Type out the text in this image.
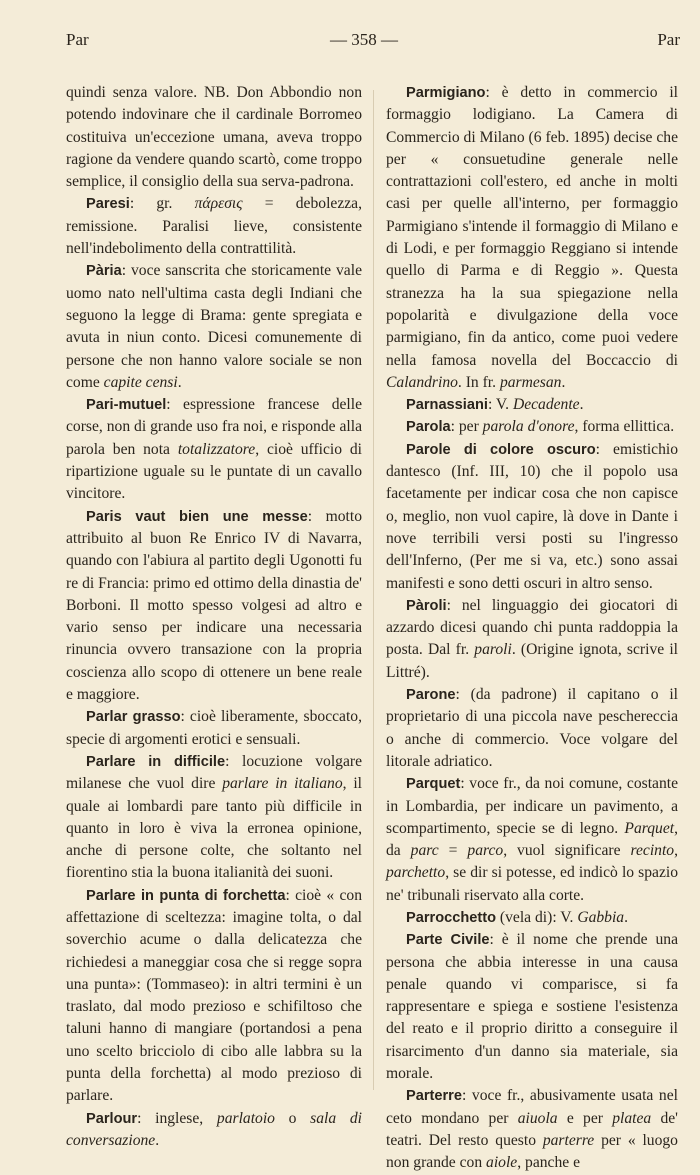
Par	— 358 —	Par

quindi senza valore. NB. Don Abbondio non potendo indovinare che il cardinale Borromeo costituiva un'eccezione umana, aveva troppo ragione da vendere quando scartò, come troppo semplice, il consiglio della sua serva-padrona.

Paresi: gr. πάρεσις = debolezza, remissione. Paralisi lieve, consistente nell'indebolimento della contrattilità.

Pària: voce sanscrita che storicamente vale uomo nato nell'ultima casta degli Indiani che seguono la legge di Brama: gente spregiata e avuta in niun conto. Dicesi comunemente di persone che non hanno valore sociale se non come capite censi.

Pari-mutuel: espressione francese delle corse, non di grande uso fra noi, e risponde alla parola ben nota totalizzatore, cioè ufficio di ripartizione uguale su le puntate di un cavallo vincitore.

Paris vaut bien une messe: motto attribuito al buon Re Enrico IV di Navarra, quando con l'abiura al partito degli Ugonotti fu re di Francia: primo ed ottimo della dinastia de' Borboni. Il motto spesso volgesi ad altro e vario senso per indicare una necessaria rinuncia ovvero transazione con la propria coscienza allo scopo di ottenere un bene reale e maggiore.

Parlar grasso: cioè liberamente, sboccato, specie di argomenti erotici e sensuali.

Parlare in difficile: locuzione volgare milanese che vuol dire parlare in italiano, il quale ai lombardi pare tanto più difficile in quanto in loro è viva la erronea opinione, anche di persone colte, che soltanto nel fiorentino stia la buona italianità dei suoni.

Parlare in punta di forchetta: cioè « con affettazione di sceltezza: imagine tolta, o dal soverchio acume o dalla delicatezza che richiedesi a maneggiar cosa che si regge sopra una punta»: (Tommaseo): in altri termini è un traslato, dal modo prezioso e schifiltoso che taluni hanno di mangiare (portandosi a pena uno scelto bricciolo di cibo alle labbra su la punta della forchetta) al modo prezioso di parlare.

Parlour: inglese, parlatoio o sala di conversazione.

Parmigiano: è detto in commercio il formaggio lodigiano. La Camera di Commercio di Milano (6 feb. 1895) decise che per « consuetudine generale nelle contrattazioni coll'estero, ed anche in molti casi per quelle all'interno, per formaggio Parmigiano s'intende il formaggio di Milano e di Lodi, e per formaggio Reggiano si intende quello di Parma e di Reggio ». Questa stranezza ha la sua spiegazione nella popolarità e divulgazione della voce parmigiano, fin da antico, come puoi vedere nella famosa novella del Boccaccio di Calandrino. In fr. parmesan.

Parnassiani: V. Decadente.

Parola: per parola d'onore, forma ellittica.

Parole di colore oscuro: emistichio dantesco (Inf. III, 10) che il popolo usa facetamente per indicar cosa che non capisce o, meglio, non vuol capire, là dove in Dante i nove terribili versi posti su l'ingresso dell'Inferno, (Per me si va, etc.) sono assai manifesti e sono detti oscuri in altro senso.

Pàroli: nel linguaggio dei giocatori di azzardo dicesi quando chi punta raddoppia la posta. Dal fr. paroli. (Origine ignota, scrive il Littré).

Parone: (da padrone) il capitano o il proprietario di una piccola nave peschereccia o anche di commercio. Voce volgare del litorale adriatico.

Parquet: voce fr., da noi comune, costante in Lombardia, per indicare un pavimento, a scompartimento, specie se di legno. Parquet, da parc = parco, vuol significare recinto, parchetto, se dir si potesse, ed indicò lo spazio ne' tribunali riservato alla corte.

Parrocchetto (vela di): V. Gabbia.

Parte Civile: è il nome che prende una persona che abbia interesse in una causa penale quando vi comparisce, si fa rappresentare e spiega e sostiene l'esistenza del reato e il proprio diritto a conseguire il risarcimento d'un danno sia materiale, sia morale.

Parterre: voce fr., abusivamente usata nel ceto mondano per aiuola e per platea de' teatri. Del resto questo parterre per « luogo non grande con aiole, panche e
